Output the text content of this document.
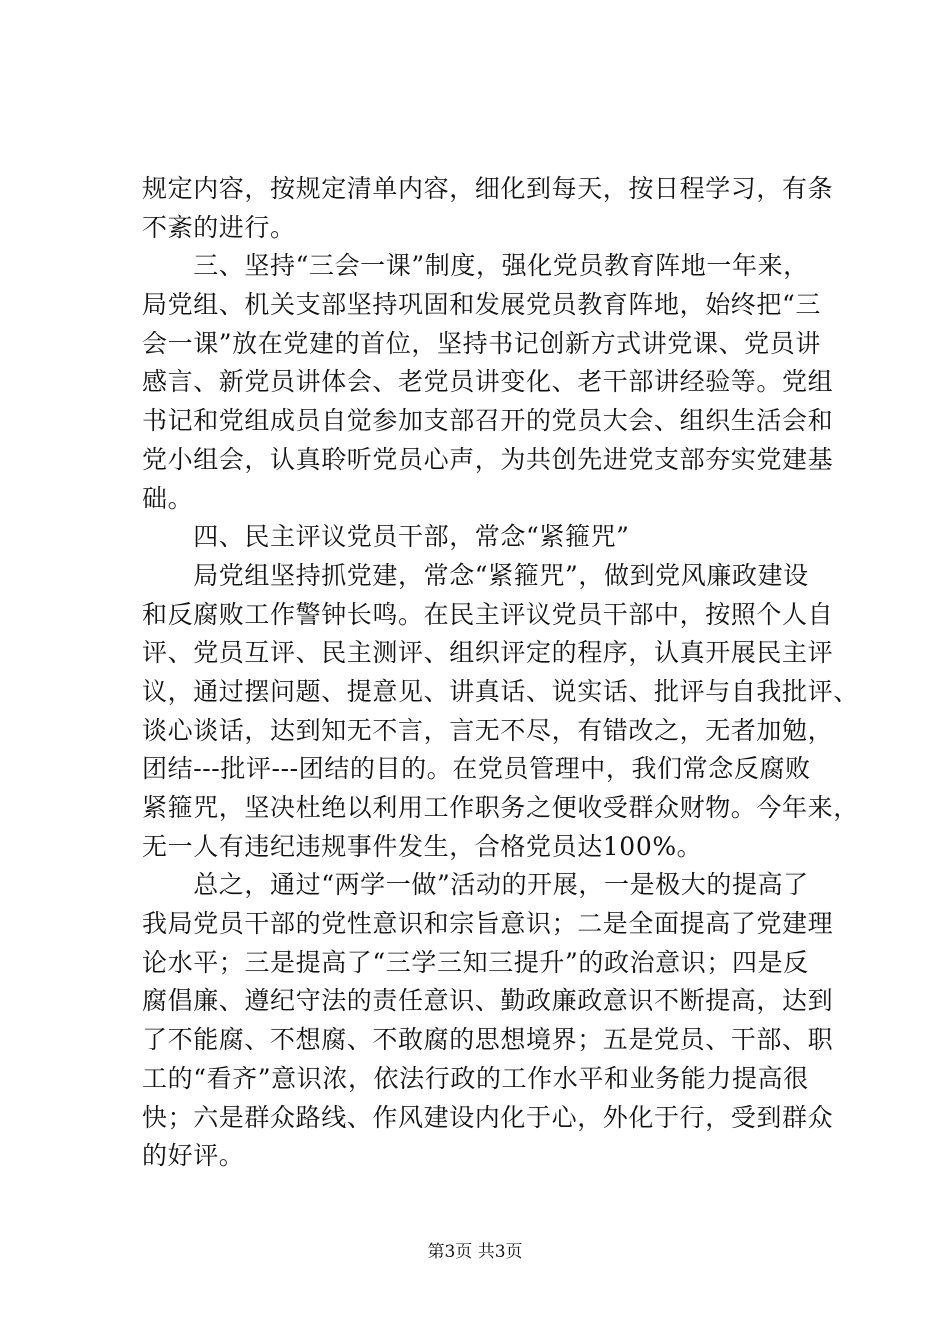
规定内容，按规定清单内容，细化到每天，按日程学习，有条
不紊的进行。
　　三、坚持“三会一课”制度，强化党员教育阵地一年来，
局党组、机关支部坚持巩固和发展党员教育阵地，始终把“三
会一课”放在党建的首位，坚持书记创新方式讲党课、党员讲
感言、新党员讲体会、老党员讲变化、老干部讲经验等。党组
书记和党组成员自觉参加支部召开的党员大会、组织生活会和
党小组会，认真聆听党员心声，为共创先进党支部夯实党建基
础。
　　四、民主评议党员干部，常念“紧箍咒”
　　局党组坚持抓党建，常念“紧箍咒”，做到党风廉政建设
和反腐败工作警钟长鸣。在民主评议党员干部中，按照个人自
评、党员互评、民主测评、组织评定的程序，认真开展民主评
议，通过摆问题、提意见、讲真话、说实话、批评与自我批评、
谈心谈话，达到知无不言，言无不尽，有错改之，无者加勉，
团结---批评---团结的目的。在党员管理中，我们常念反腐败
紧箍咒，坚决杜绝以利用工作职务之便收受群众财物。今年来，
无一人有违纪违规事件发生，合格党员达100%。
　　总之，通过“两学一做”活动的开展，一是极大的提高了
我局党员干部的党性意识和宗旨意识；二是全面提高了党建理
论水平；三是提高了“三学三知三提升”的政治意识；四是反
腐倡廉、遵纪守法的责任意识、勤政廉政意识不断提高，达到
了不能腐、不想腐、不敢腐的思想境界；五是党员、干部、职
工的“看齐”意识浓，依法行政的工作水平和业务能力提高很
快；六是群众路线、作风建设内化于心，外化于行，受到群众
的好评。
第3页 共3页
